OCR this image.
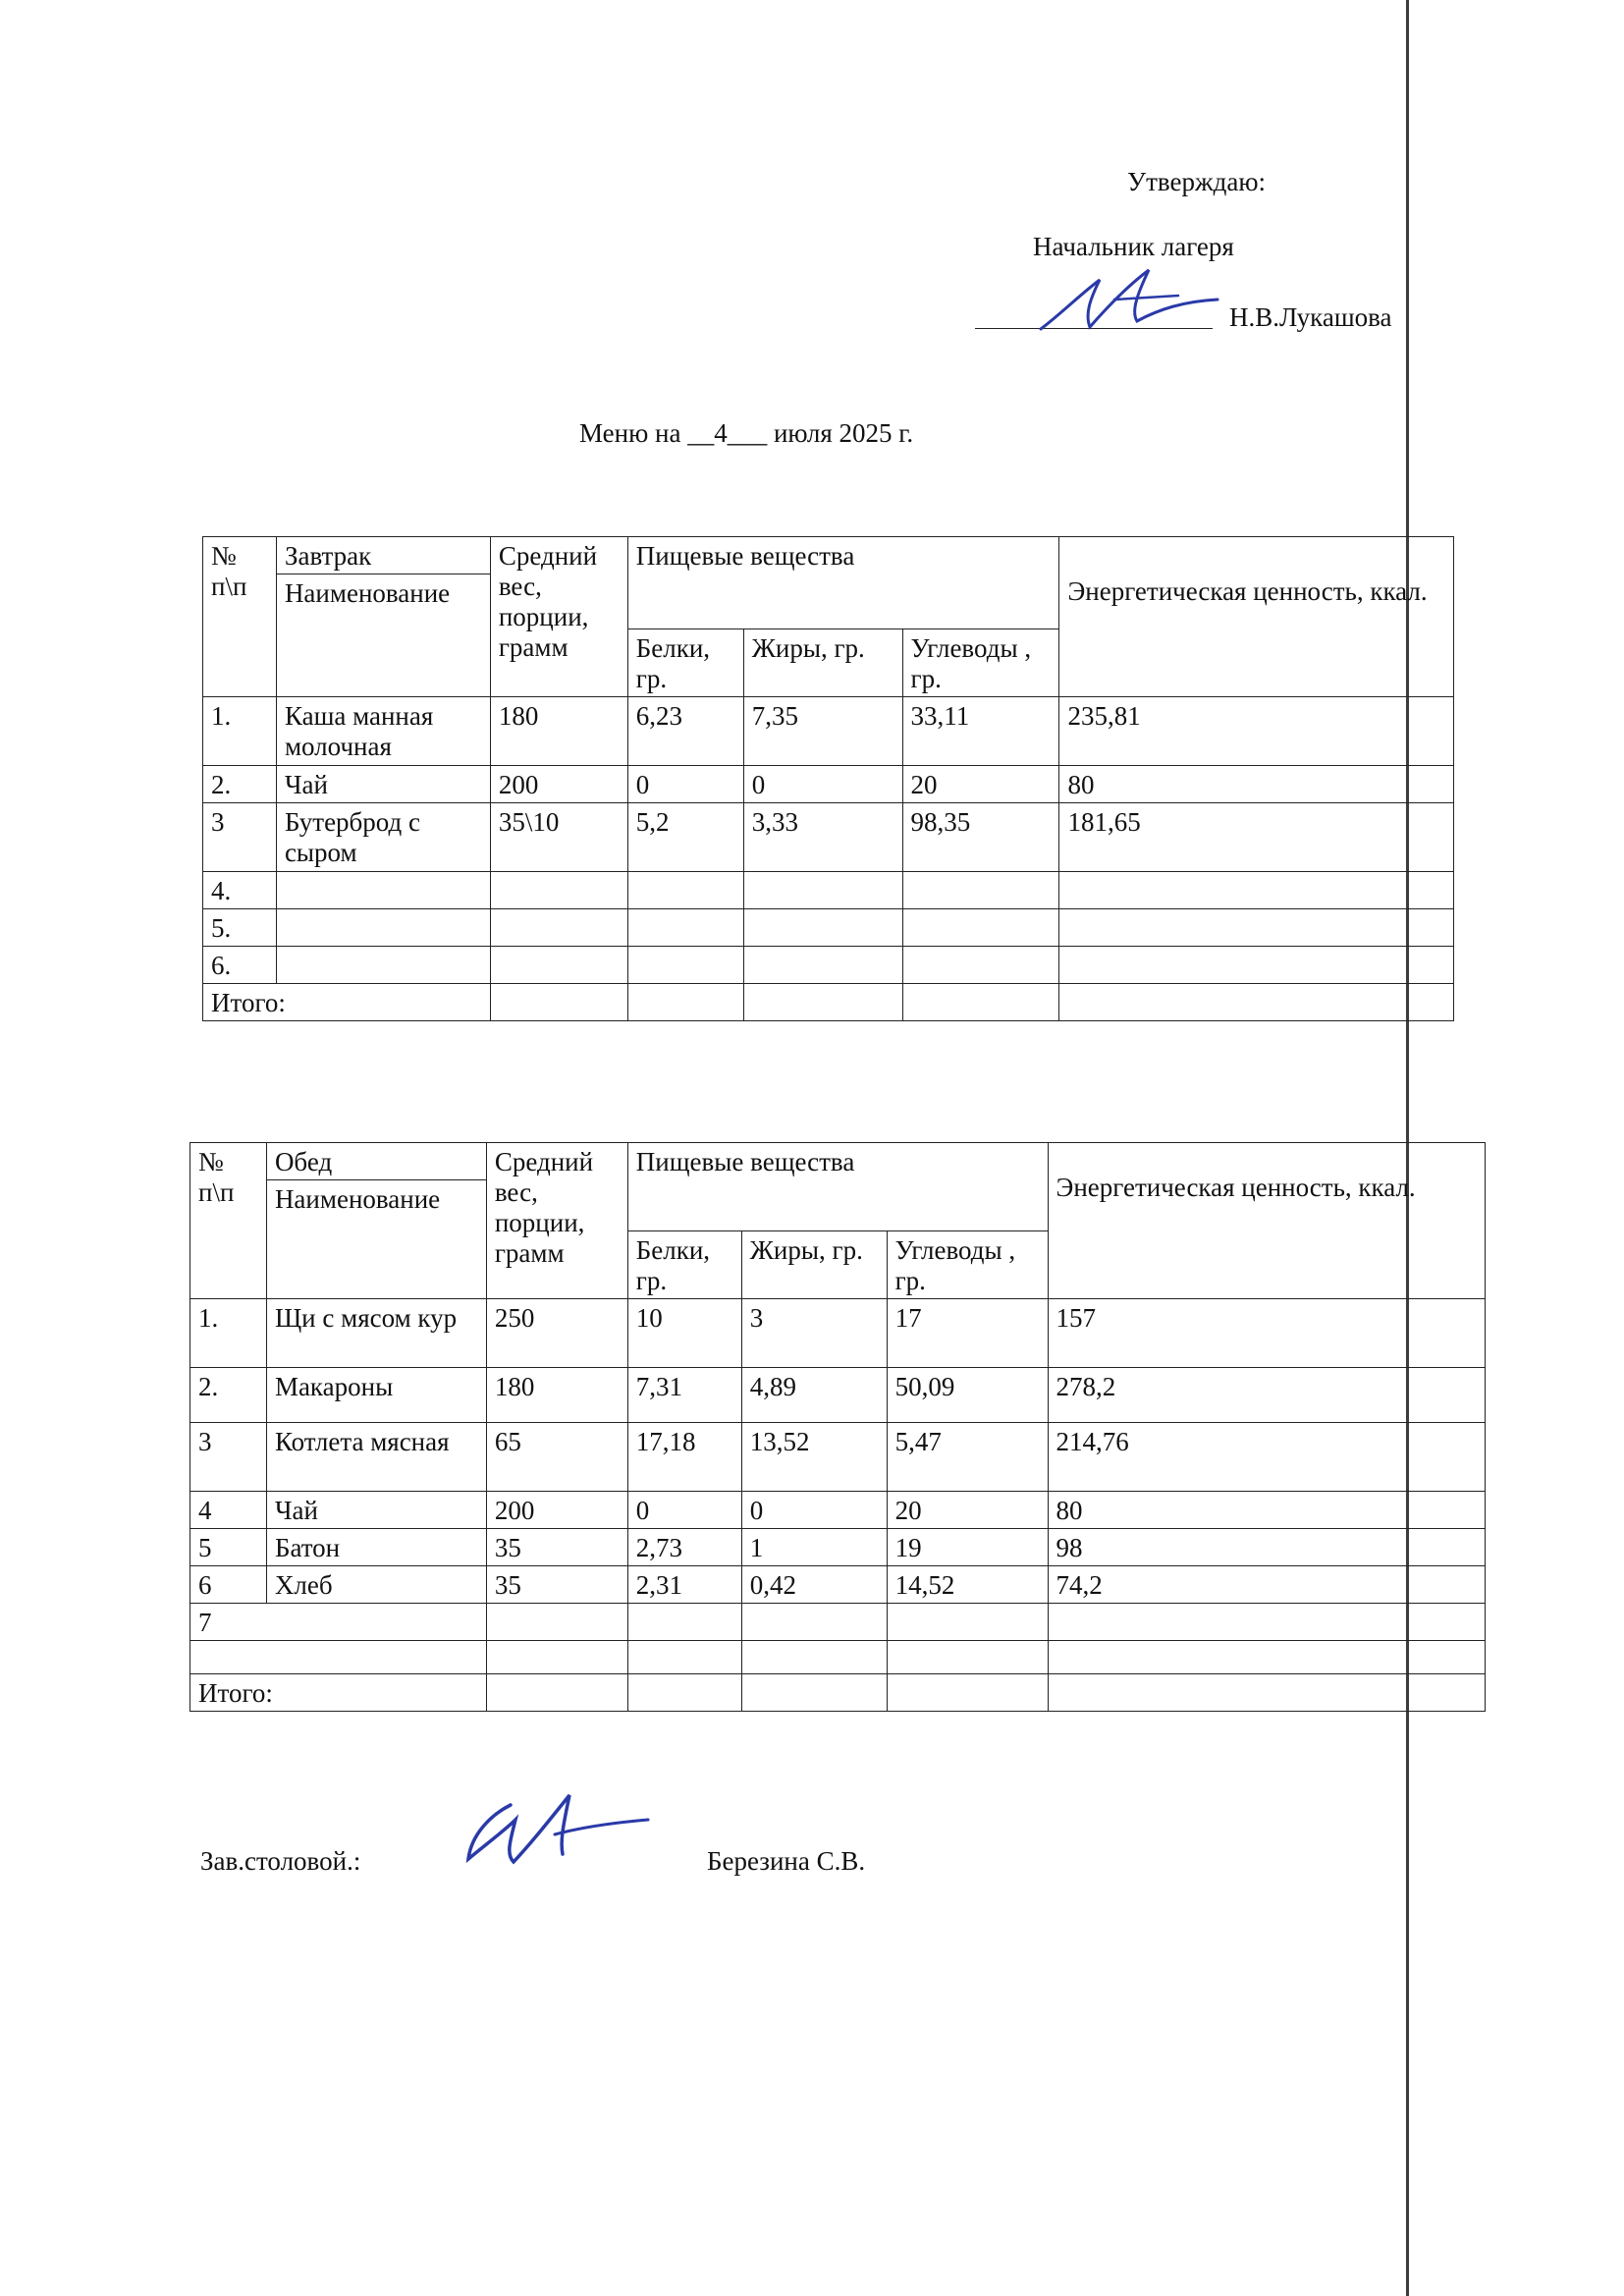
Утверждаю:
Начальник лагеря
Н.В.Лукашова
Меню на __4___ июля 2025 г.
№ п\п	Завтрак	Средний вес, порции, грамм	Пищевые вещества			Энергетическая ценность, ккал.
	Наименование					
			Белки, гр.	Жиры, гр.	Углеводы , гр.	
1.	Каша манная молочная	180	6,23	7,35	33,11	235,81
2.	Чай	200	0	0	20	80
3	Бутерброд с сыром	35\10	5,2	3,33	98,35	181,65
4.						
5.						
6.						
Итого:						
№ п\п	Обед	Средний вес, порции, грамм	Пищевые вещества			Энергетическая ценность, ккал.
	Наименование					
			Белки, гр.	Жиры, гр.	Углеводы , гр.	
1.	Щи с мясом кур	250	10	3	17	157
2.	Макароны	180	7,31	4,89	50,09	278,2
3	Котлета мясная	65	17,18	13,52	5,47	214,76
4	Чай	200	0	0	20	80
5	Батон	35	2,73	1	19	98
6	Хлеб	35	2,31	0,42	14,52	74,2
7						

Итого:						
Зав.столовой.:	Березина С.В.
